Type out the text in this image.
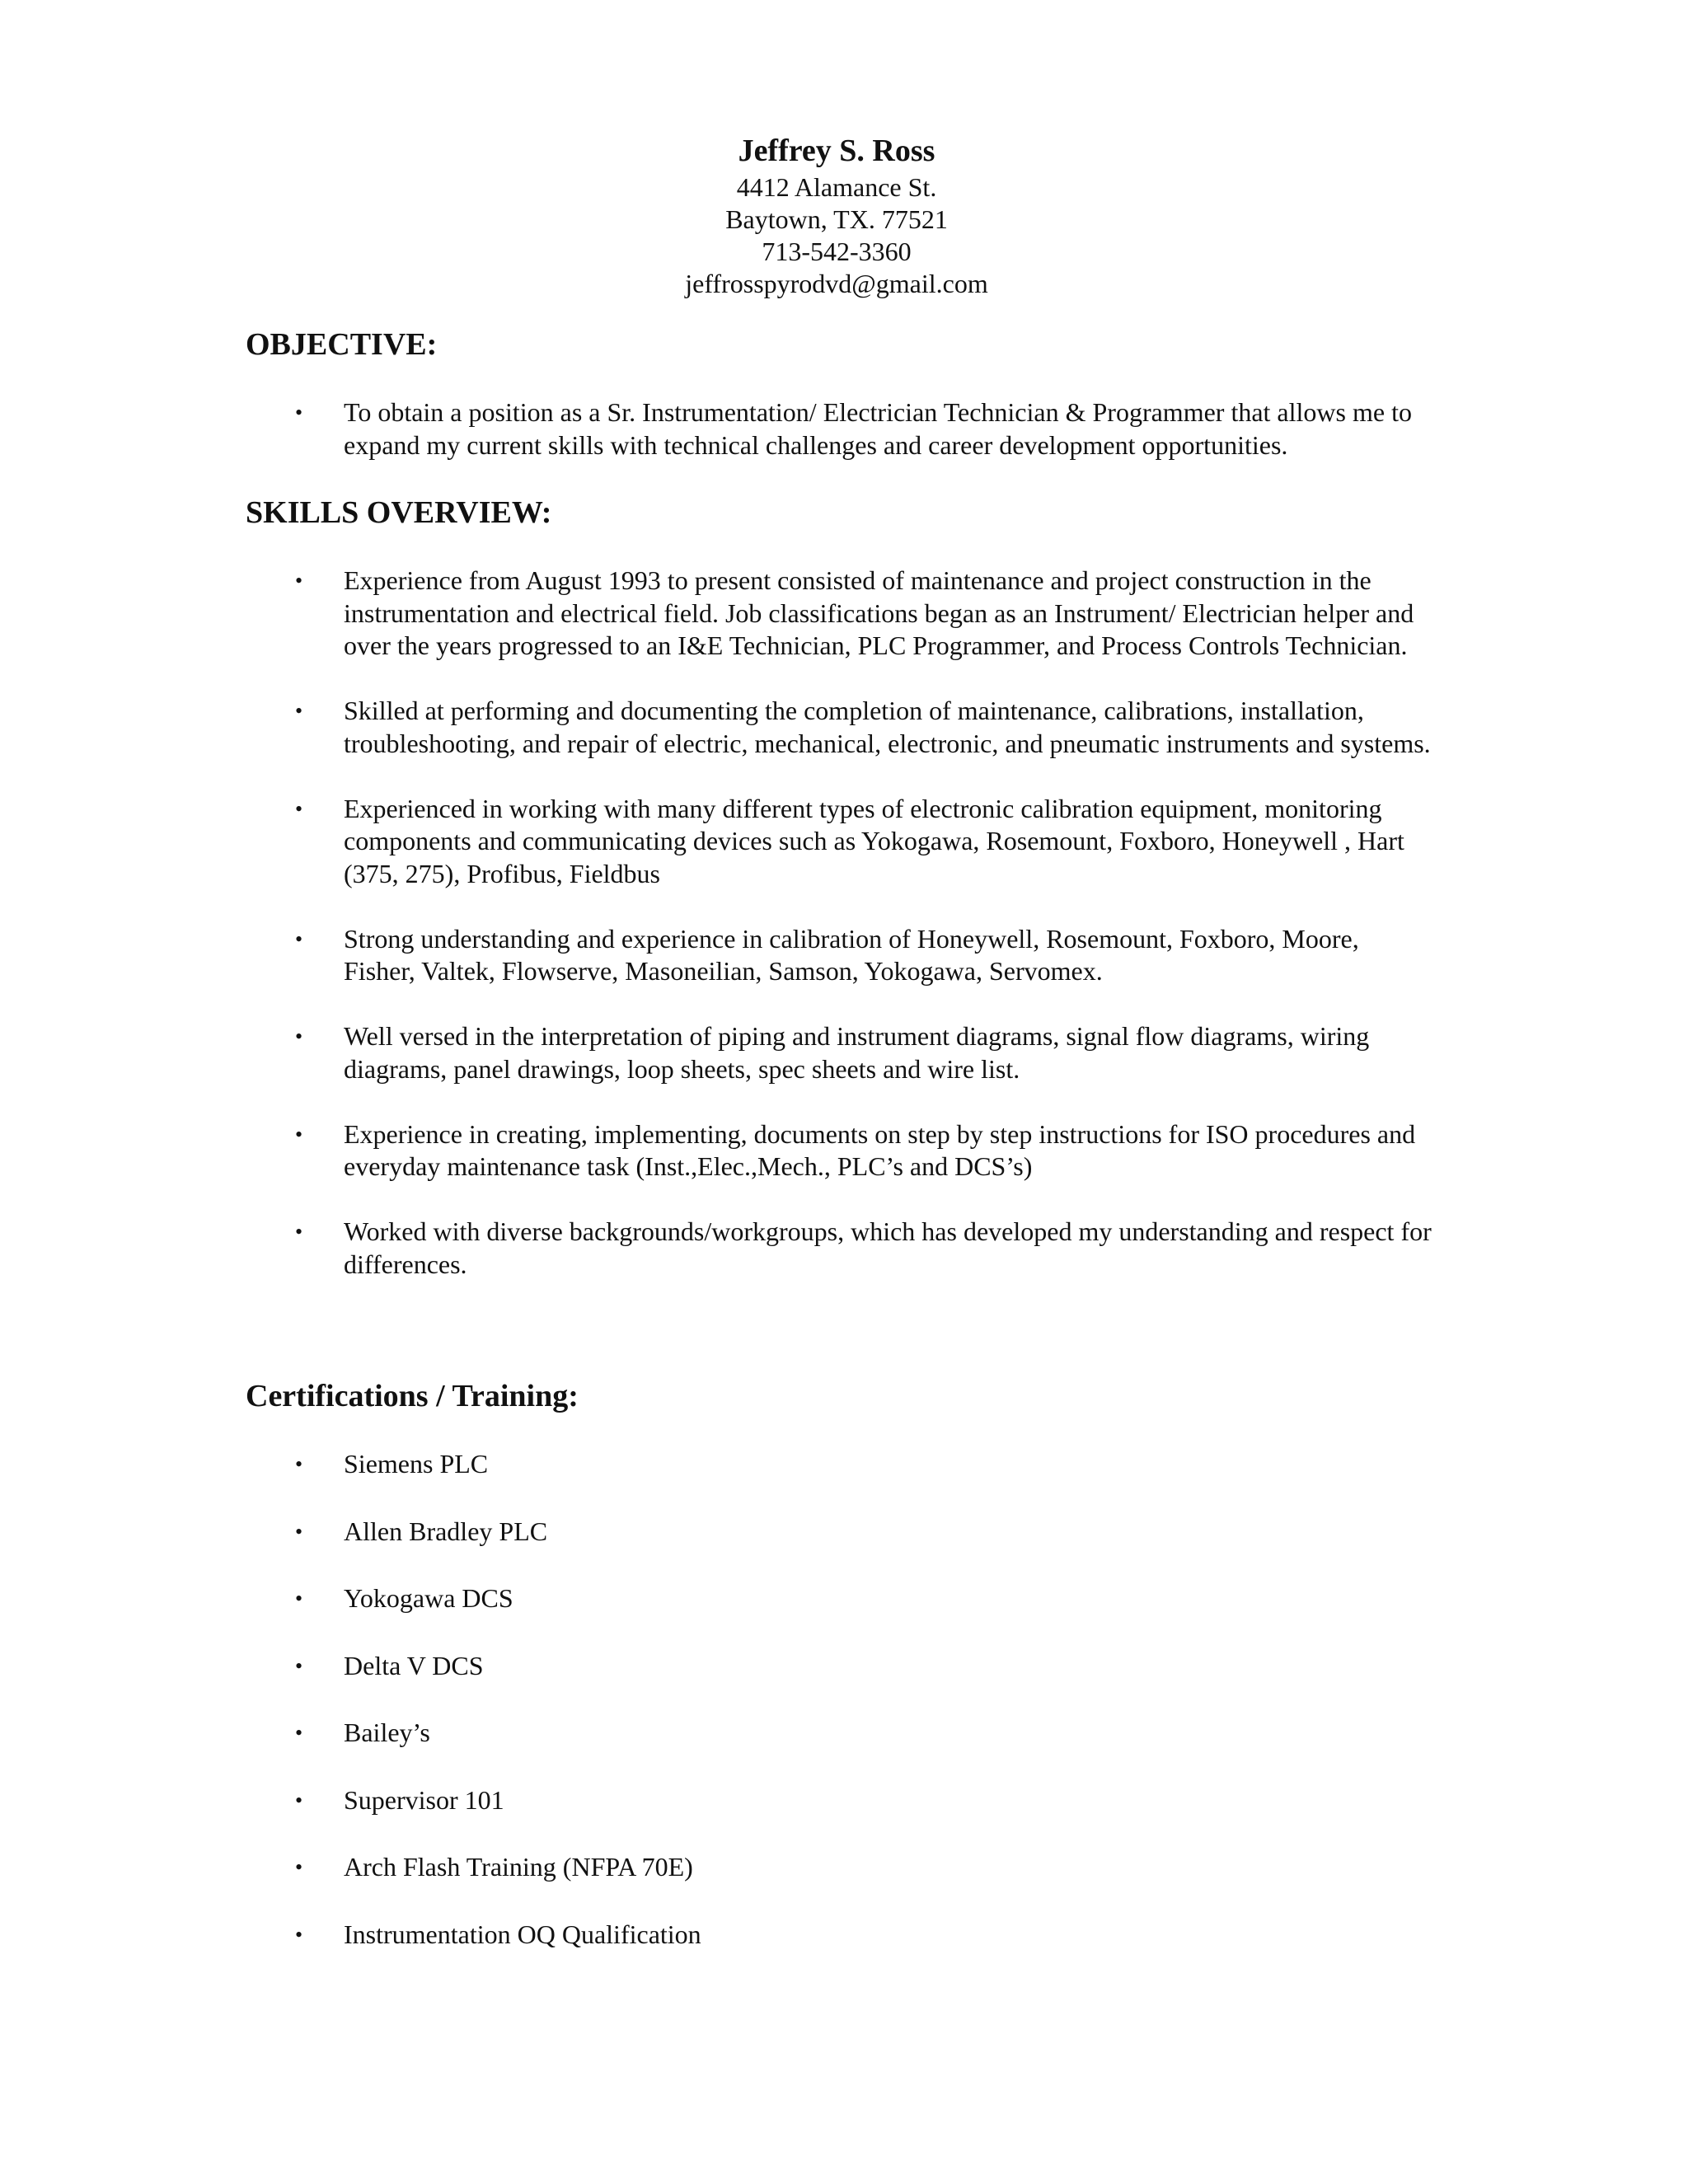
Jeffrey S. Ross
4412 Alamance St.
Baytown, TX. 77521
713-542-3360
jeffrosspyrodvd@gmail.com
OBJECTIVE:
•	To obtain a position as a Sr. Instrumentation/ Electrician Technician & Programmer that allows me to expand my current skills with technical challenges and career development opportunities.
SKILLS OVERVIEW:
•	Experience from August 1993 to present consisted of maintenance and project construction in the instrumentation and electrical field. Job classifications began as an Instrument/ Electrician helper and over the years progressed to an I&E Technician, PLC Programmer, and Process Controls Technician.
•	Skilled at performing and documenting the completion of maintenance, calibrations, installation, troubleshooting, and repair of electric, mechanical, electronic, and pneumatic instruments and systems.
•	Experienced in working with many different types of electronic calibration equipment, monitoring components and communicating devices such as Yokogawa, Rosemount, Foxboro, Honeywell , Hart (375, 275), Profibus, Fieldbus
•	Strong understanding and experience in calibration of Honeywell, Rosemount, Foxboro, Moore, Fisher, Valtek, Flowserve, Masoneilian, Samson, Yokogawa, Servomex.
•	Well versed in the interpretation of piping and instrument diagrams, signal flow diagrams, wiring diagrams, panel drawings, loop sheets, spec sheets and wire list.
•	Experience in creating, implementing, documents on step by step instructions for ISO procedures and everyday maintenance task (Inst.,Elec.,Mech., PLC’s and DCS’s)
•	Worked with diverse backgrounds/workgroups, which has developed my understanding and respect for differences.
Certifications / Training:
•	Siemens PLC
•	Allen Bradley PLC
•	Yokogawa DCS
•	Delta V DCS
•	Bailey’s
•	Supervisor 101
•	Arch Flash Training (NFPA 70E)
•	Instrumentation OQ Qualification
